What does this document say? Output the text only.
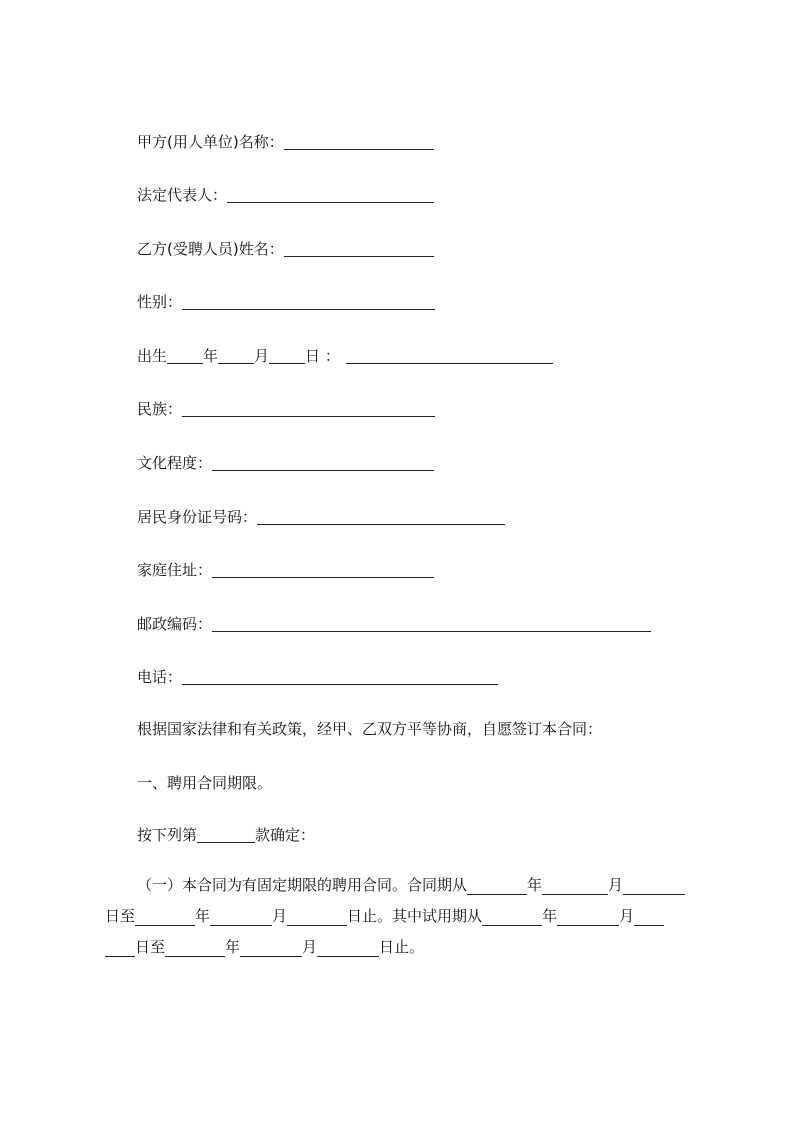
甲方(用人单位)名称：
法定代表人：
乙方(受聘人员)姓名：
性别：
出生 年 月 日 ：
民族：
文化程度：
居民身份证号码：
家庭住址：
邮政编码：
电话：
根据国家法律和有关政策，经甲、乙双方平等协商，自愿签订本合同：
一、聘用合同期限。
按下列第	款确定：
（一）本合同为有固定期限的聘用合同。合同期从	年	月
日至	年	月	日止。其中试用期从	年	月
日至	年	月	日止。
